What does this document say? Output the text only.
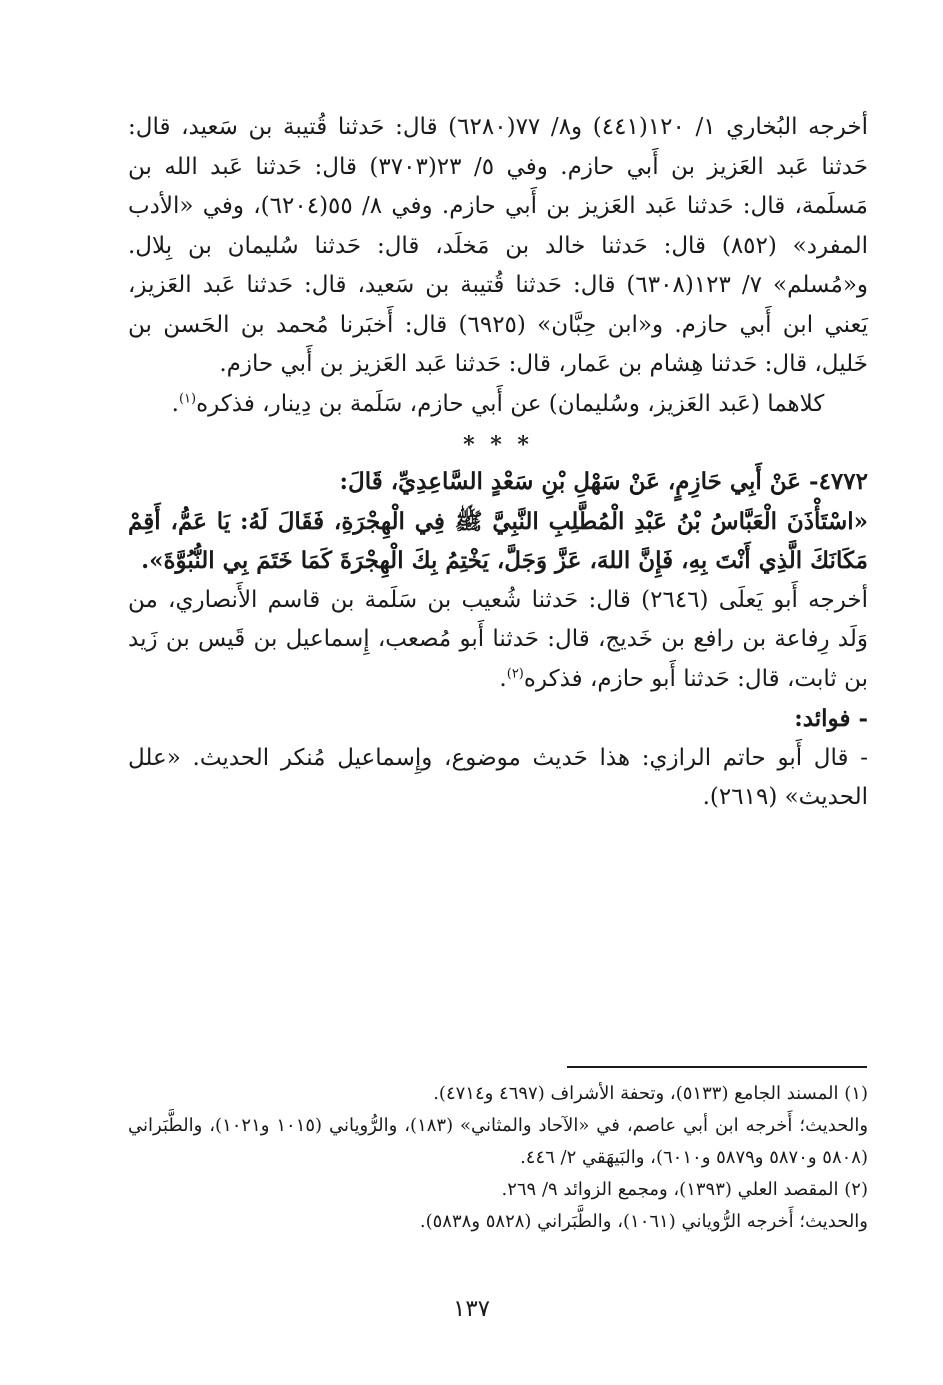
أخرجه البُخاري ١/ ١٢٠(٤٤١) و٨/ ٧٧(٦٢٨٠) قال: حَدثنا قُتيبة بن سَعيد، قال: حَدثنا عَبد العَزيز بن أَبي حازم. وفي ٥/ ٢٣(٣٧٠٣) قال: حَدثنا عَبد الله بن مَسلَمة، قال: حَدثنا عَبد العَزيز بن أَبي حازم. وفي ٨/ ٥٥(٦٢٠٤)، وفي «الأدب المفرد» (٨٥٢) قال: حَدثنا خالد بن مَخلَد، قال: حَدثنا سُليمان بن بِلال. و«مُسلم» ٧/ ١٢٣(٦٣٠٨) قال: حَدثنا قُتيبة بن سَعيد، قال: حَدثنا عَبد العَزيز، يَعني ابن أَبي حازم. و«ابن حِبَّان» (٦٩٢٥) قال: أَخبَرنا مُحمد بن الحَسن بن خَليل، قال: حَدثنا هِشام بن عَمار، قال: حَدثنا عَبد العَزيز بن أَبي حازم.

كلاهما (عَبد العَزيز، وسُليمان) عن أَبي حازم، سَلَمة بن دِينار، فذكره$^{(١)}$.

* * *

٤٧٧٢- عَنْ أَبِي حَازِمٍ، عَنْ سَهْلِ بْنِ سَعْدٍ السَّاعِدِيِّ، قَالَ:

«اسْتَأْذَنَ الْعَبَّاسُ بْنُ عَبْدِ الْمُطَّلِبِ النَّبِيَّ ﷺ فِي الْهِجْرَةِ، فَقَالَ لَهُ: يَا عَمُّ، أَقِمْ مَكَانَكَ الَّذِي أَنْتَ بِهِ، فَإِنَّ اللهَ، عَزَّ وَجَلَّ، يَخْتِمُ بِكَ الْهِجْرَةَ كَمَا خَتَمَ بِي النُّبُوَّةَ».

أخرجه أَبو يَعلَى (٢٦٤٦) قال: حَدثنا شُعيب بن سَلَمة بن قاسم الأَنصاري، من وَلَد رِفاعة بن رافع بن خَديج، قال: حَدثنا أَبو مُصعب، إِسماعيل بن قَيس بن زَيد بن ثابت، قال: حَدثنا أَبو حازم، فذكره$^{(٢)}$.

- فوائد:

- قال أَبو حاتم الرازي: هذا حَديث موضوع، وإِسماعيل مُنكر الحديث. «علل الحديث» (٢٦١٩).

(١) المسند الجامع (٥١٣٣)، وتحفة الأشراف (٤٦٩٧ و٤٧١٤).

والحديث؛ أَخرجه ابن أبي عاصم، في «الآحاد والمثاني» (١٨٣)، والرُّوياني (١٠١٥ و١٠٢١)، والطَّبَراني (٥٨٠٨ و٥٨٧٠ و٥٨٧٩ و٦٠١٠)، والبَيهَقي ٢/ ٤٤٦.

(٢) المقصد العلي (١٣٩٣)، ومجمع الزوائد ٩/ ٢٦٩.

والحديث؛ أَخرجه الرُّوياني (١٠٦١)، والطَّبَراني (٥٨٢٨ و٥٨٣٨).

١٣٧
